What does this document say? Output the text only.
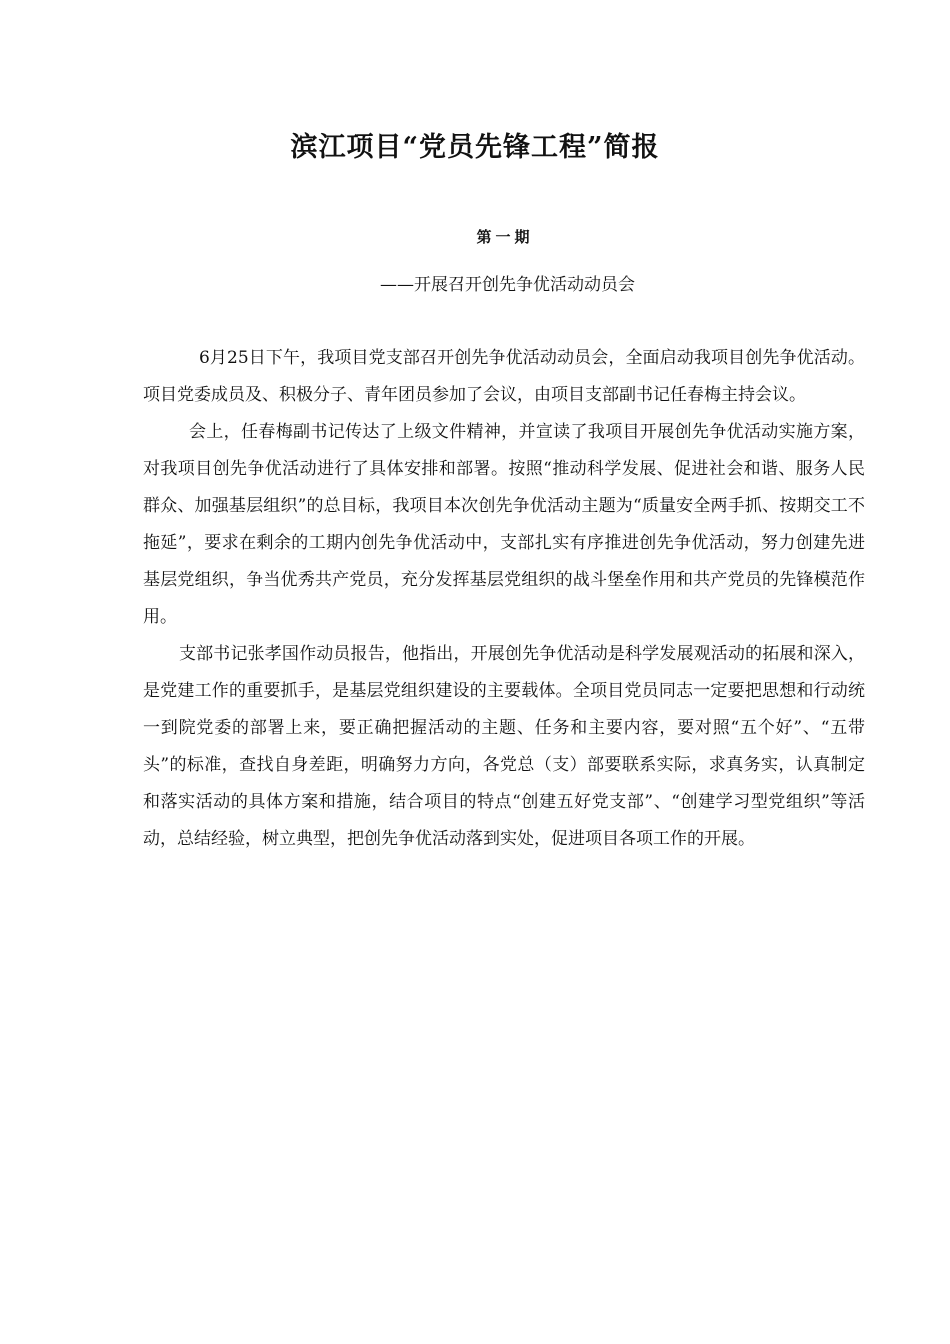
滨江项目“党员先锋工程”简报
第一期
——开展召开创先争优活动动员会

6月25日下午，我项目党支部召开创先争优活动动员会，全面启动我项目创先争优活动。项目党委成员及、积极分子、青年团员参加了会议，由项目支部副书记任春梅主持会议。

会上，任春梅副书记传达了上级文件精神，并宣读了我项目开展创先争优活动实施方案，对我项目创先争优活动进行了具体安排和部署。按照“推动科学发展、促进社会和谐、服务人民群众、加强基层组织”的总目标，我项目本次创先争优活动主题为“质量安全两手抓、按期交工不拖延”，要求在剩余的工期内创先争优活动中，支部扎实有序推进创先争优活动，努力创建先进基层党组织，争当优秀共产党员，充分发挥基层党组织的战斗堡垒作用和共产党员的先锋模范作用。

支部书记张孝国作动员报告，他指出，开展创先争优活动是科学发展观活动的拓展和深入，是党建工作的重要抓手，是基层党组织建设的主要载体。全项目党员同志一定要把思想和行动统一到院党委的部署上来，要正确把握活动的主题、任务和主要内容，要对照“五个好”、“五带头”的标准，查找自身差距，明确努力方向，各党总（支）部要联系实际，求真务实，认真制定和落实活动的具体方案和措施，结合项目的特点“创建五好党支部”、“创建学习型党组织”等活动，总结经验，树立典型，把创先争优活动落到实处，促进项目各项工作的开展。
